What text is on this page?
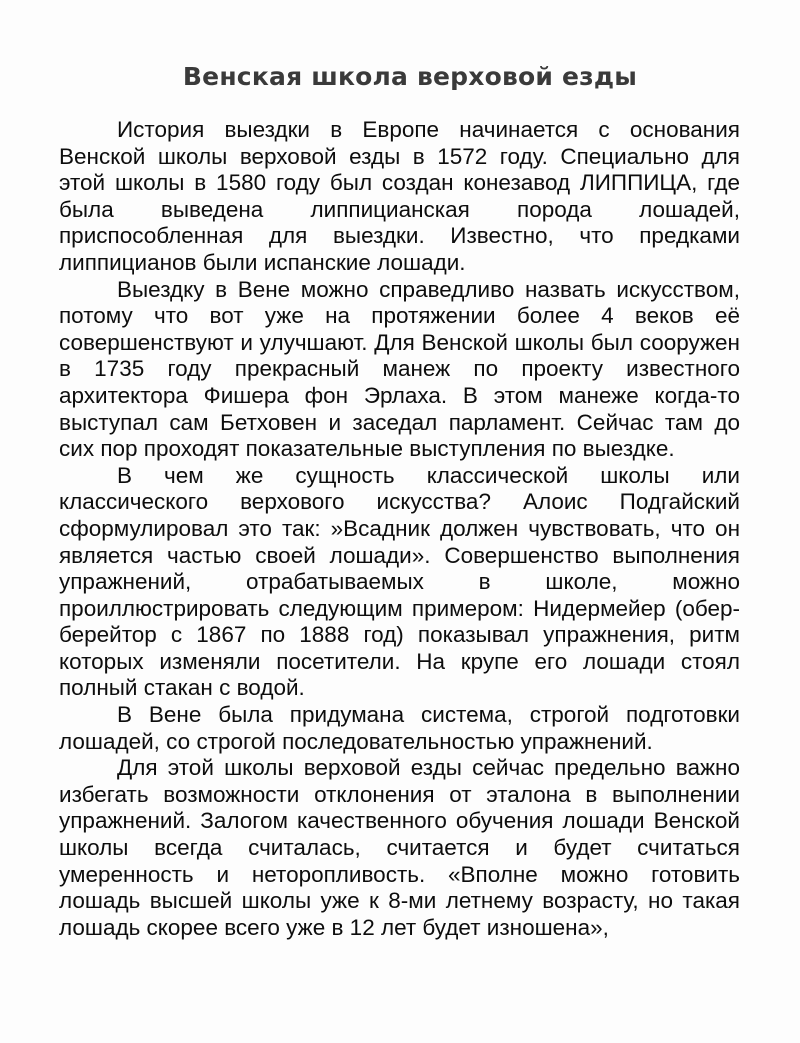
Венская школа верховой езды

История выездки в Европе начинается с основания Венской школы верховой езды в 1572 году. Специально для этой школы в 1580 году был создан конезавод ЛИППИЦА, где была выведена липпицианская порода лошадей, приспособленная для выездки. Известно, что предками липпицианов были испанские лошади.

Выездку в Вене можно справедливо назвать искусством, потому что вот уже на протяжении более 4 веков её совершенствуют и улучшают. Для Венской школы был сооружен в 1735 году прекрасный манеж по проекту известного архитектора Фишера фон Эрлаха. В этом манеже когда-то выступал сам Бетховен и заседал парламент. Сейчас там до сих пор проходят показательные выступления по выездке.

В чем же сущность классической школы или классического верхового искусства? Алоис Подгайский сформулировал это так: »Всадник должен чувствовать, что он является частью своей лошади». Совершенство выполнения упражнений, отрабатываемых в школе, можно проиллюстрировать следующим примером: Нидермейер (обер-берейтор с 1867 по 1888 год) показывал упражнения, ритм которых изменяли посетители. На крупе его лошади стоял полный стакан с водой.

В Вене была придумана система, строгой подготовки лошадей, со строгой последовательностью упражнений.

Для этой школы верховой езды сейчас предельно важно избегать возможности отклонения от эталона в выполнении упражнений. Залогом качественного обучения лошади Венской школы всегда считалась, считается и будет считаться умеренность и неторопливость. «Вполне можно готовить лошадь высшей школы уже к 8-ми летнему возрасту, но такая лошадь скорее всего уже в 12 лет будет изношена»,
